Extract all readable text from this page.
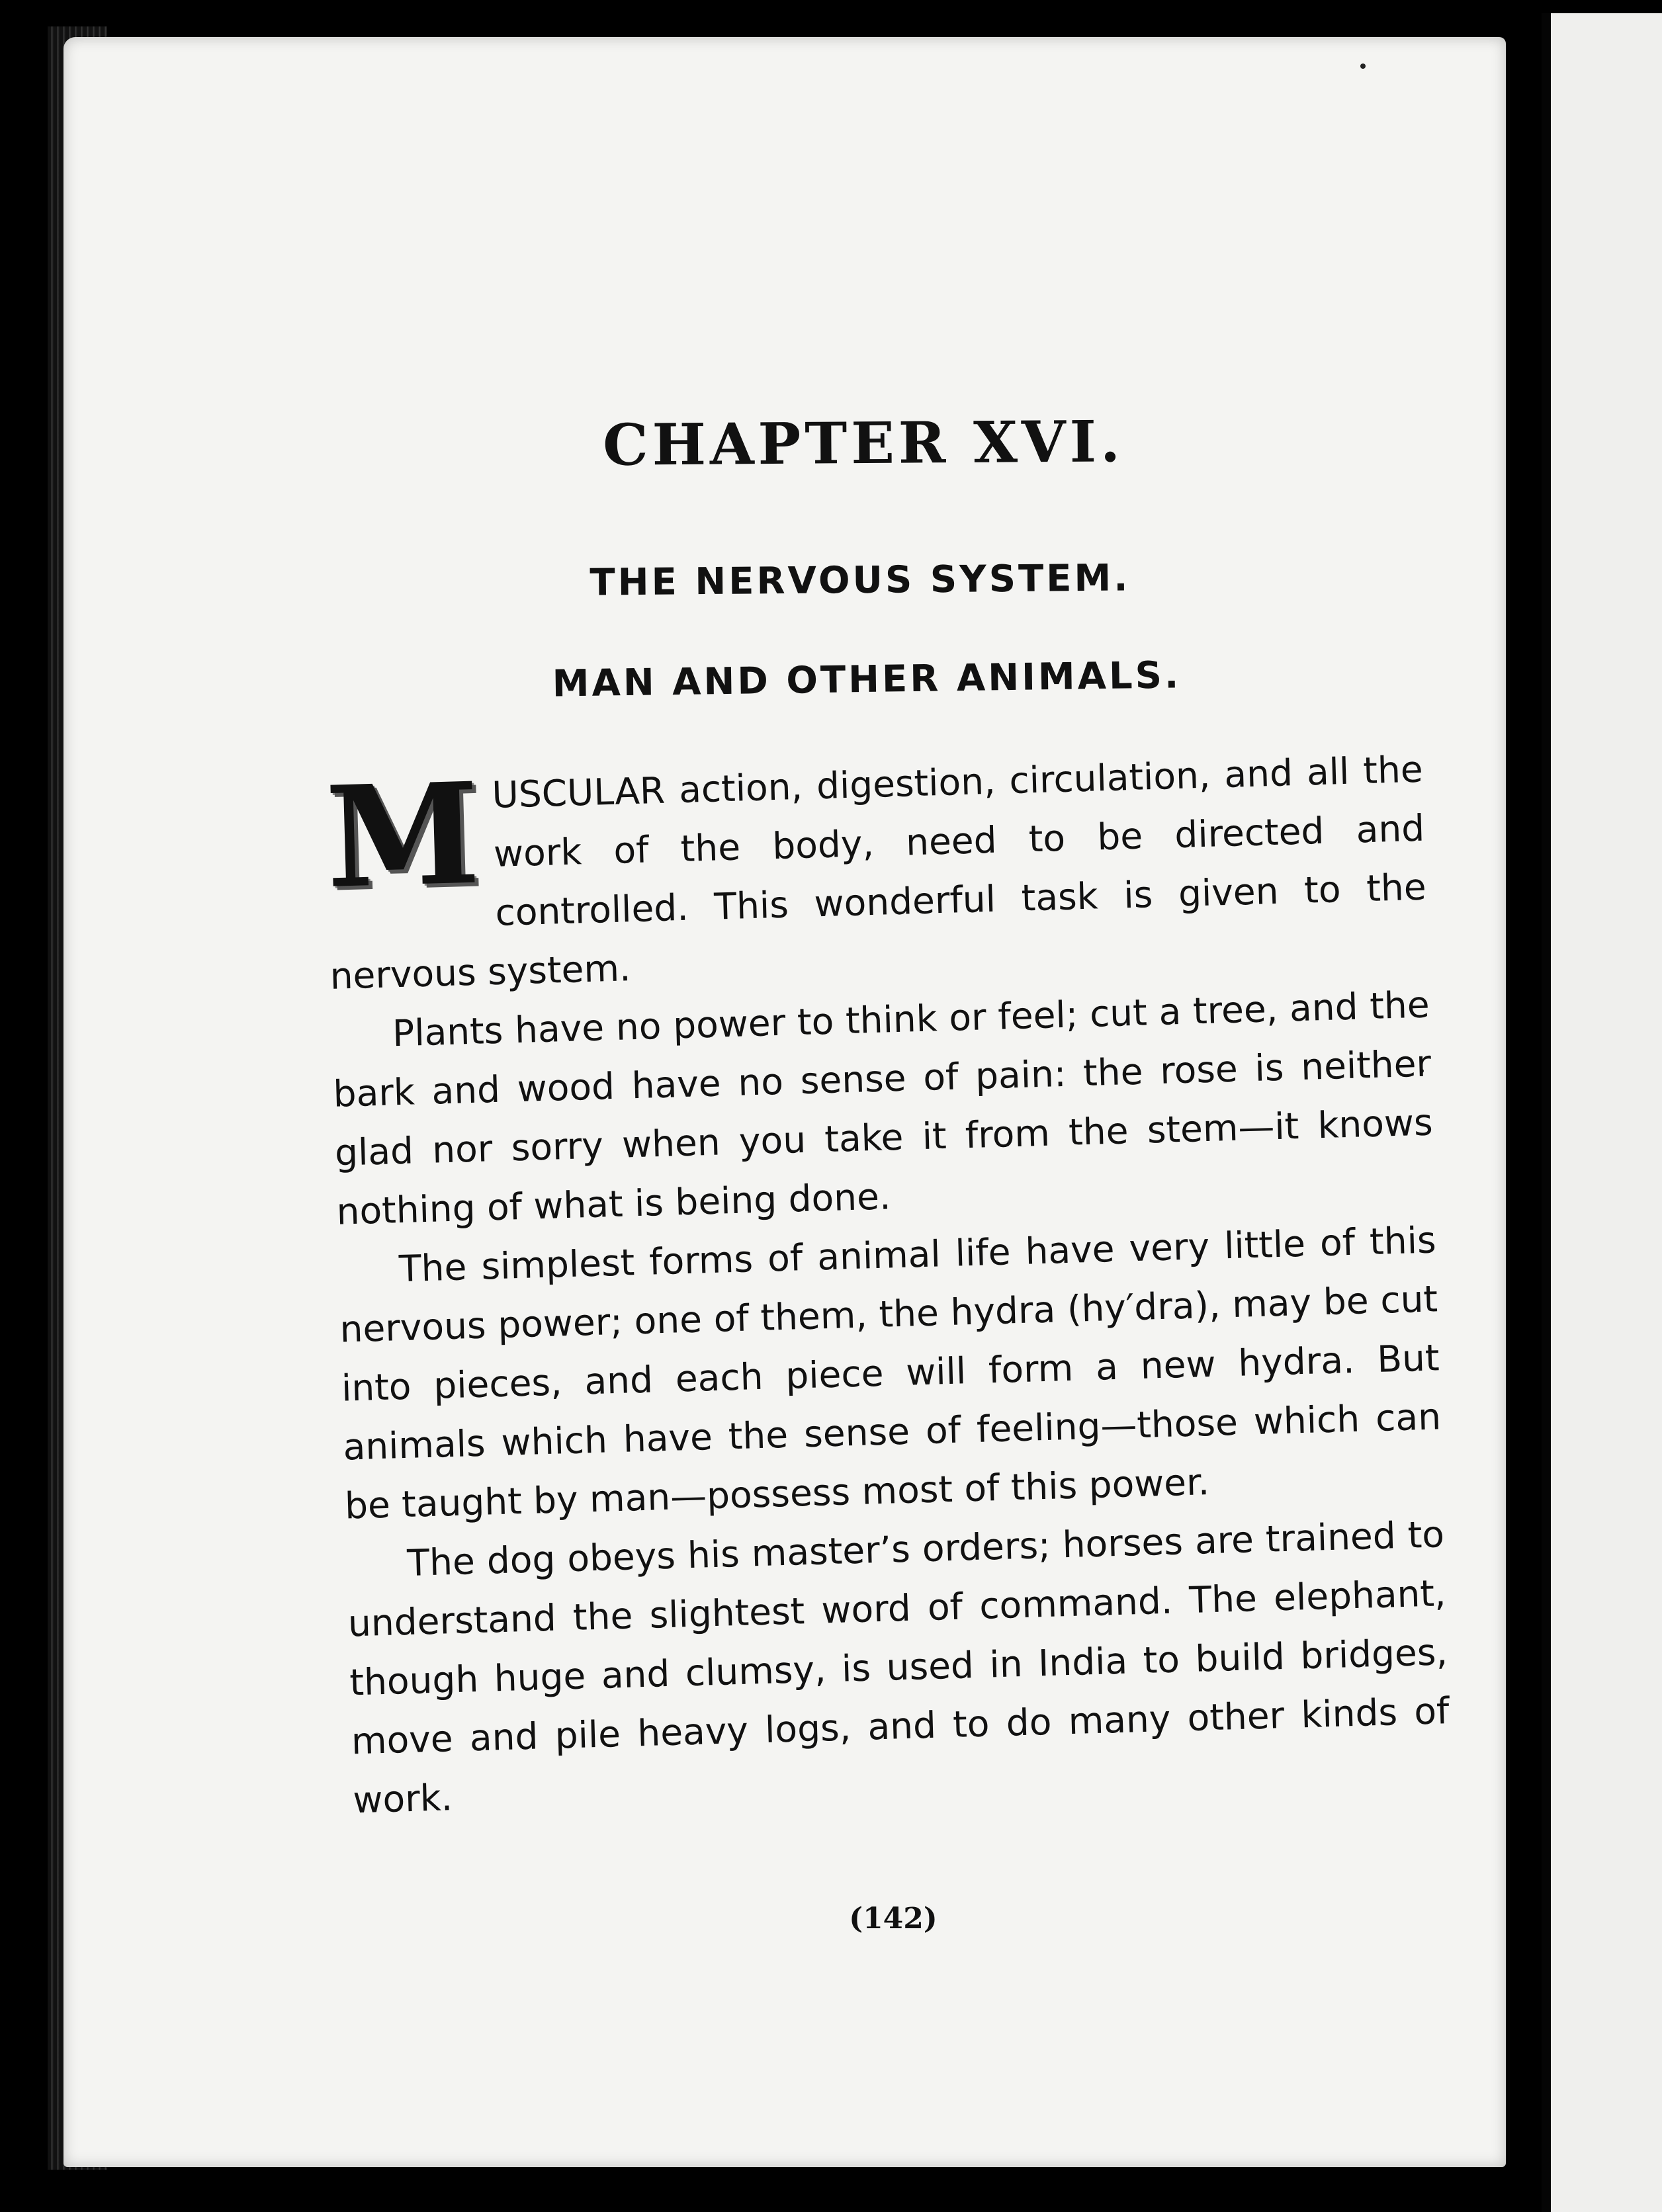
CHAPTER XVI.
THE NERVOUS SYSTEM.
MAN AND OTHER ANIMALS.

M USCULAR action, digestion, circulation, and all the work of the body, need to be directed and controlled. This wonderful task is given to the nervous system.

Plants have no power to think or feel; cut a tree, and the bark and wood have no sense of pain: the rose is neither glad nor sorry when you take it from the stem—it knows nothing of what is being done.

The simplest forms of animal life have very little of this nervous power; one of them, the hydra (hy′dra), may be cut into pieces, and each piece will form a new hydra. But animals which have the sense of feeling—those which can be taught by man—possess most of this power.

The dog obeys his master’s orders; horses are trained to understand the slightest word of command. The elephant, though huge and clumsy, is used in India to build bridges, move and pile heavy logs, and to do many other kinds of work.

(142)
